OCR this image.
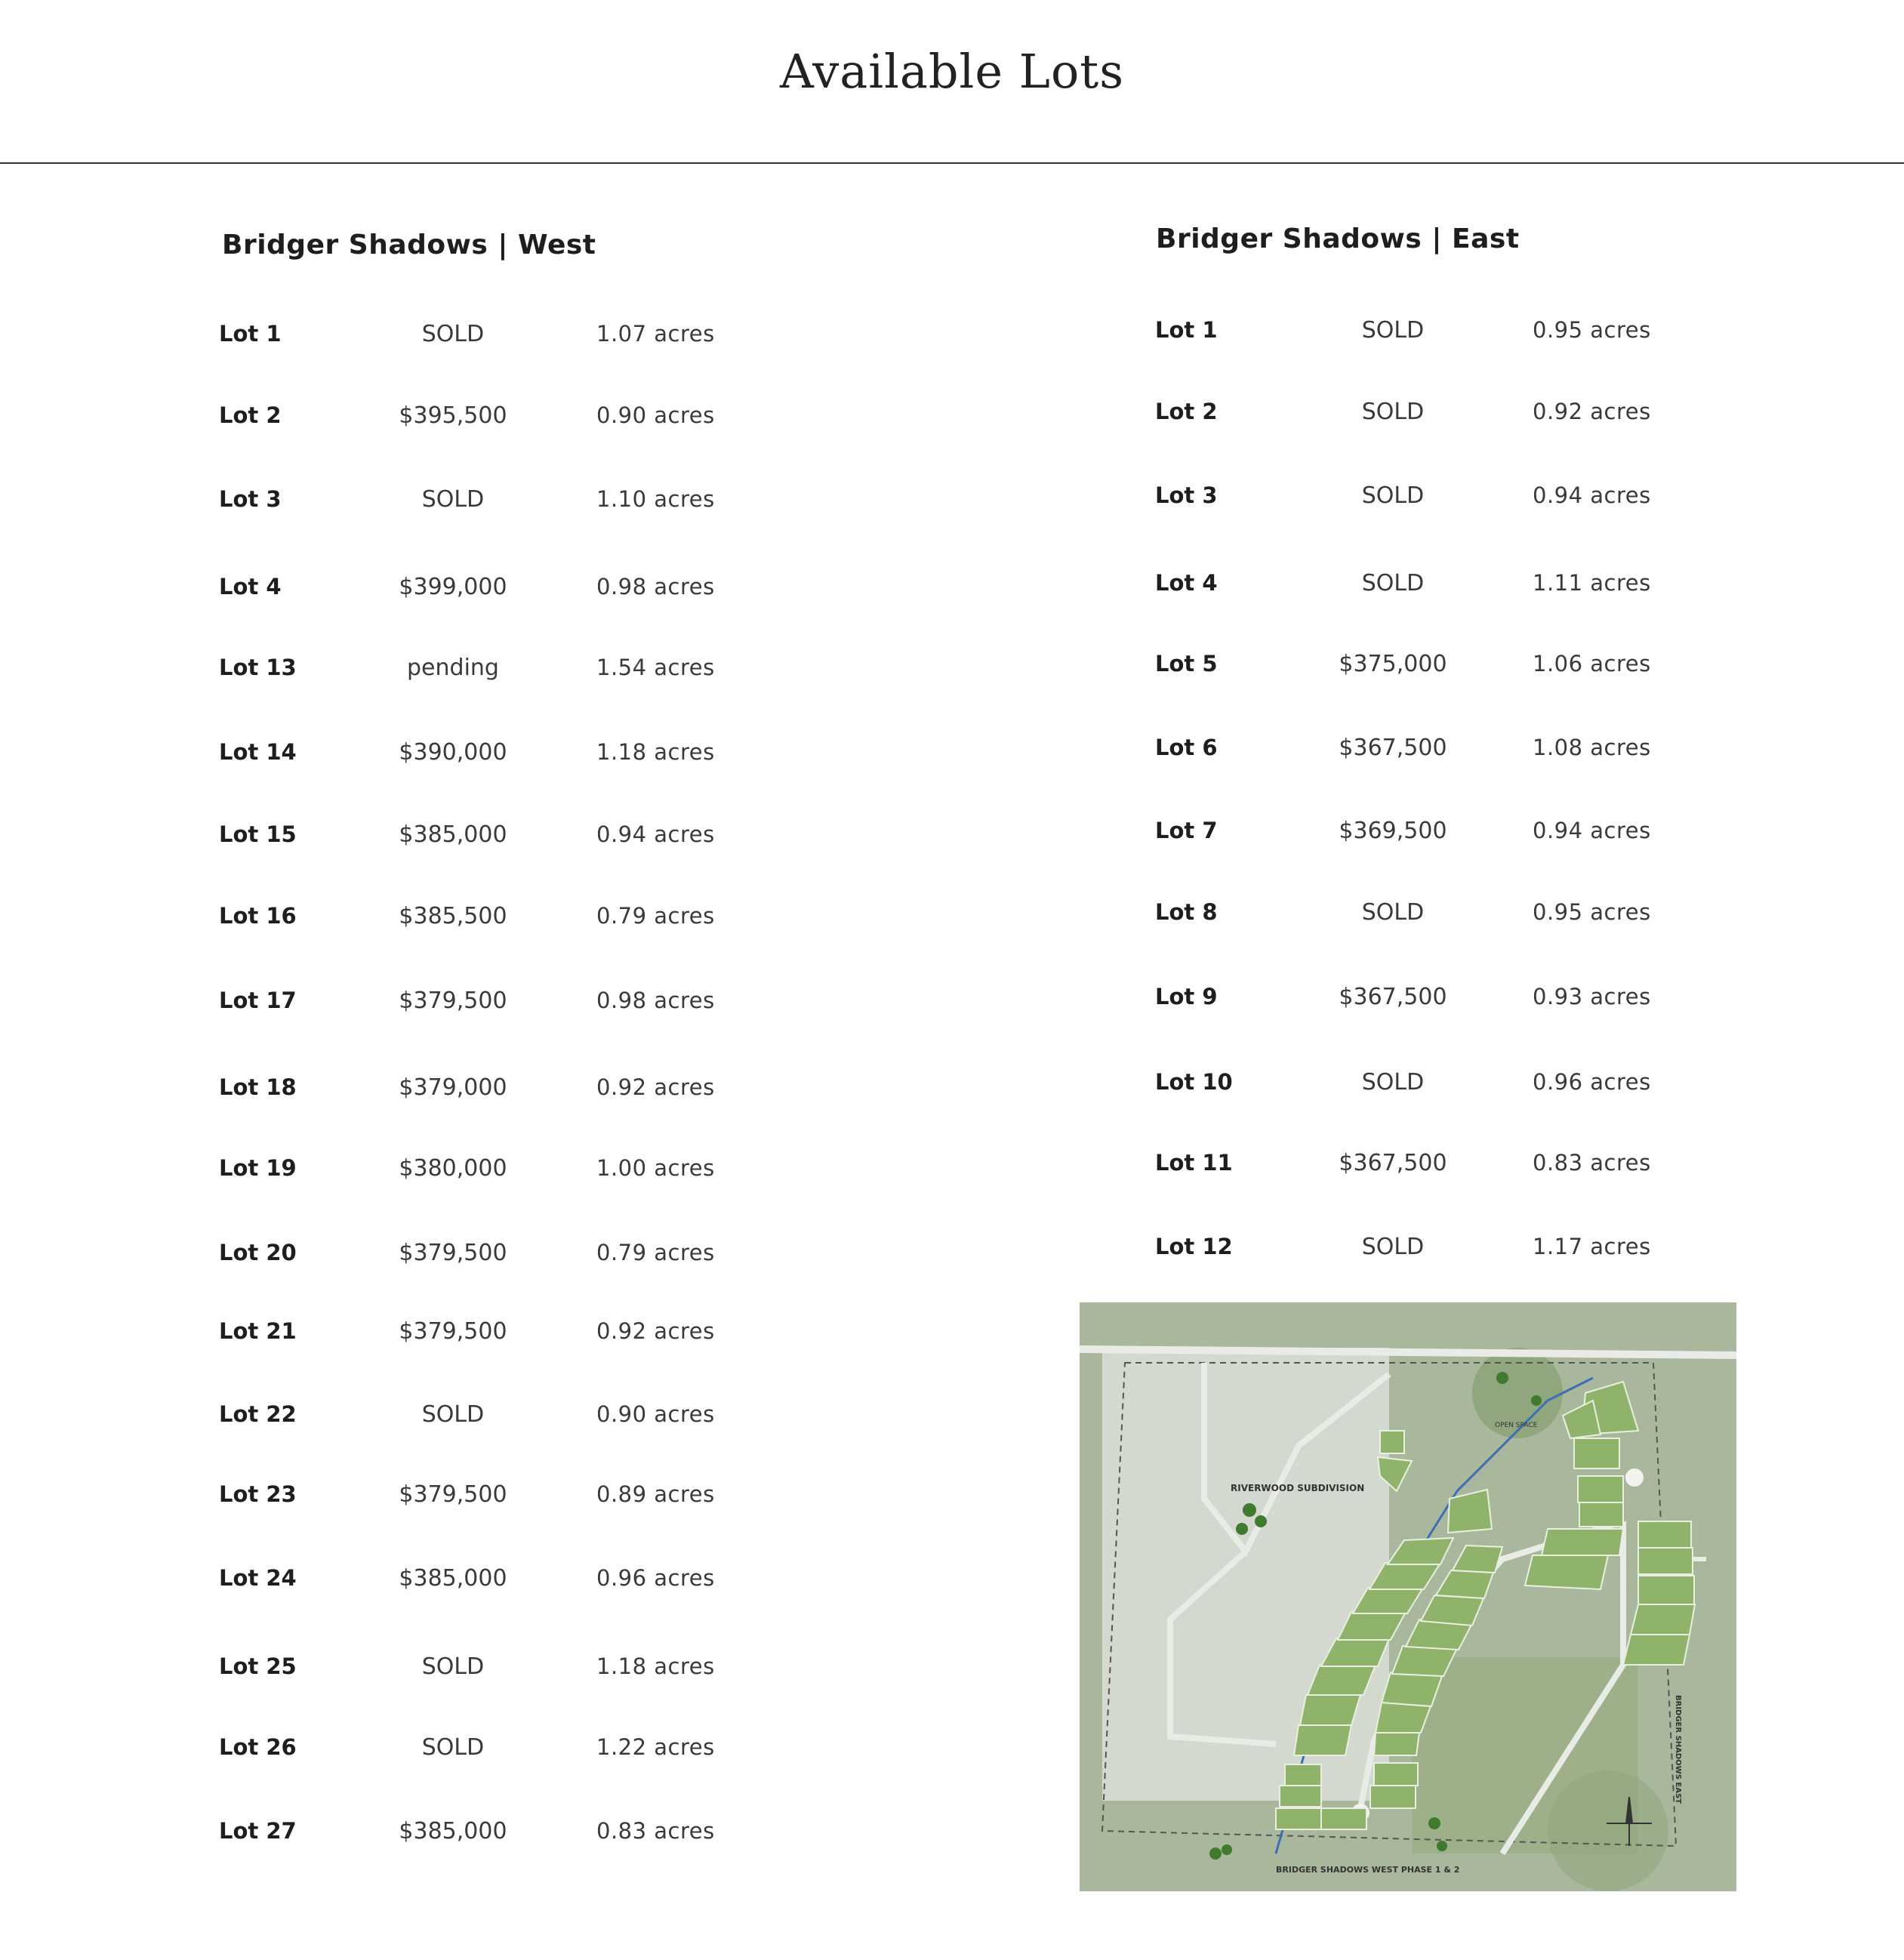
Available Lots
Bridger Shadows | West	Bridger Shadows | East
Lot 1	SOLD	1.07 acres
Lot 2	$395,500	0.90 acres
Lot 3	SOLD	1.10 acres
Lot 4	$399,000	0.98 acres
Lot 13	pending	1.54 acres
Lot 14	$390,000	1.18 acres
Lot 15	$385,000	0.94 acres
Lot 16	$385,500	0.79 acres
Lot 17	$379,500	0.98 acres
Lot 18	$379,000	0.92 acres
Lot 19	$380,000	1.00 acres
Lot 20	$379,500	0.79 acres
Lot 21	$379,500	0.92 acres
Lot 22	SOLD	0.90 acres
Lot 23	$379,500	0.89 acres
Lot 24	$385,000	0.96 acres
Lot 25	SOLD	1.18 acres
Lot 26	SOLD	1.22 acres
Lot 27	$385,000	0.83 acres
Lot 1	SOLD	0.95 acres
Lot 2	SOLD	0.92 acres
Lot 3	SOLD	0.94 acres
Lot 4	SOLD	1.11 acres
Lot 5	$375,000	1.06 acres
Lot 6	$367,500	1.08 acres
Lot 7	$369,500	0.94 acres
Lot 8	SOLD	0.95 acres
Lot 9	$367,500	0.93 acres
Lot 10	SOLD	0.96 acres
Lot 11	$367,500	0.83 acres
Lot 12	SOLD	1.17 acres
RIVERWOOD SUBDIVISION
OPEN SPACE
BRIDGER SHADOWS WEST PHASE 1 & 2
BRIDGER SHADOWS EAST
